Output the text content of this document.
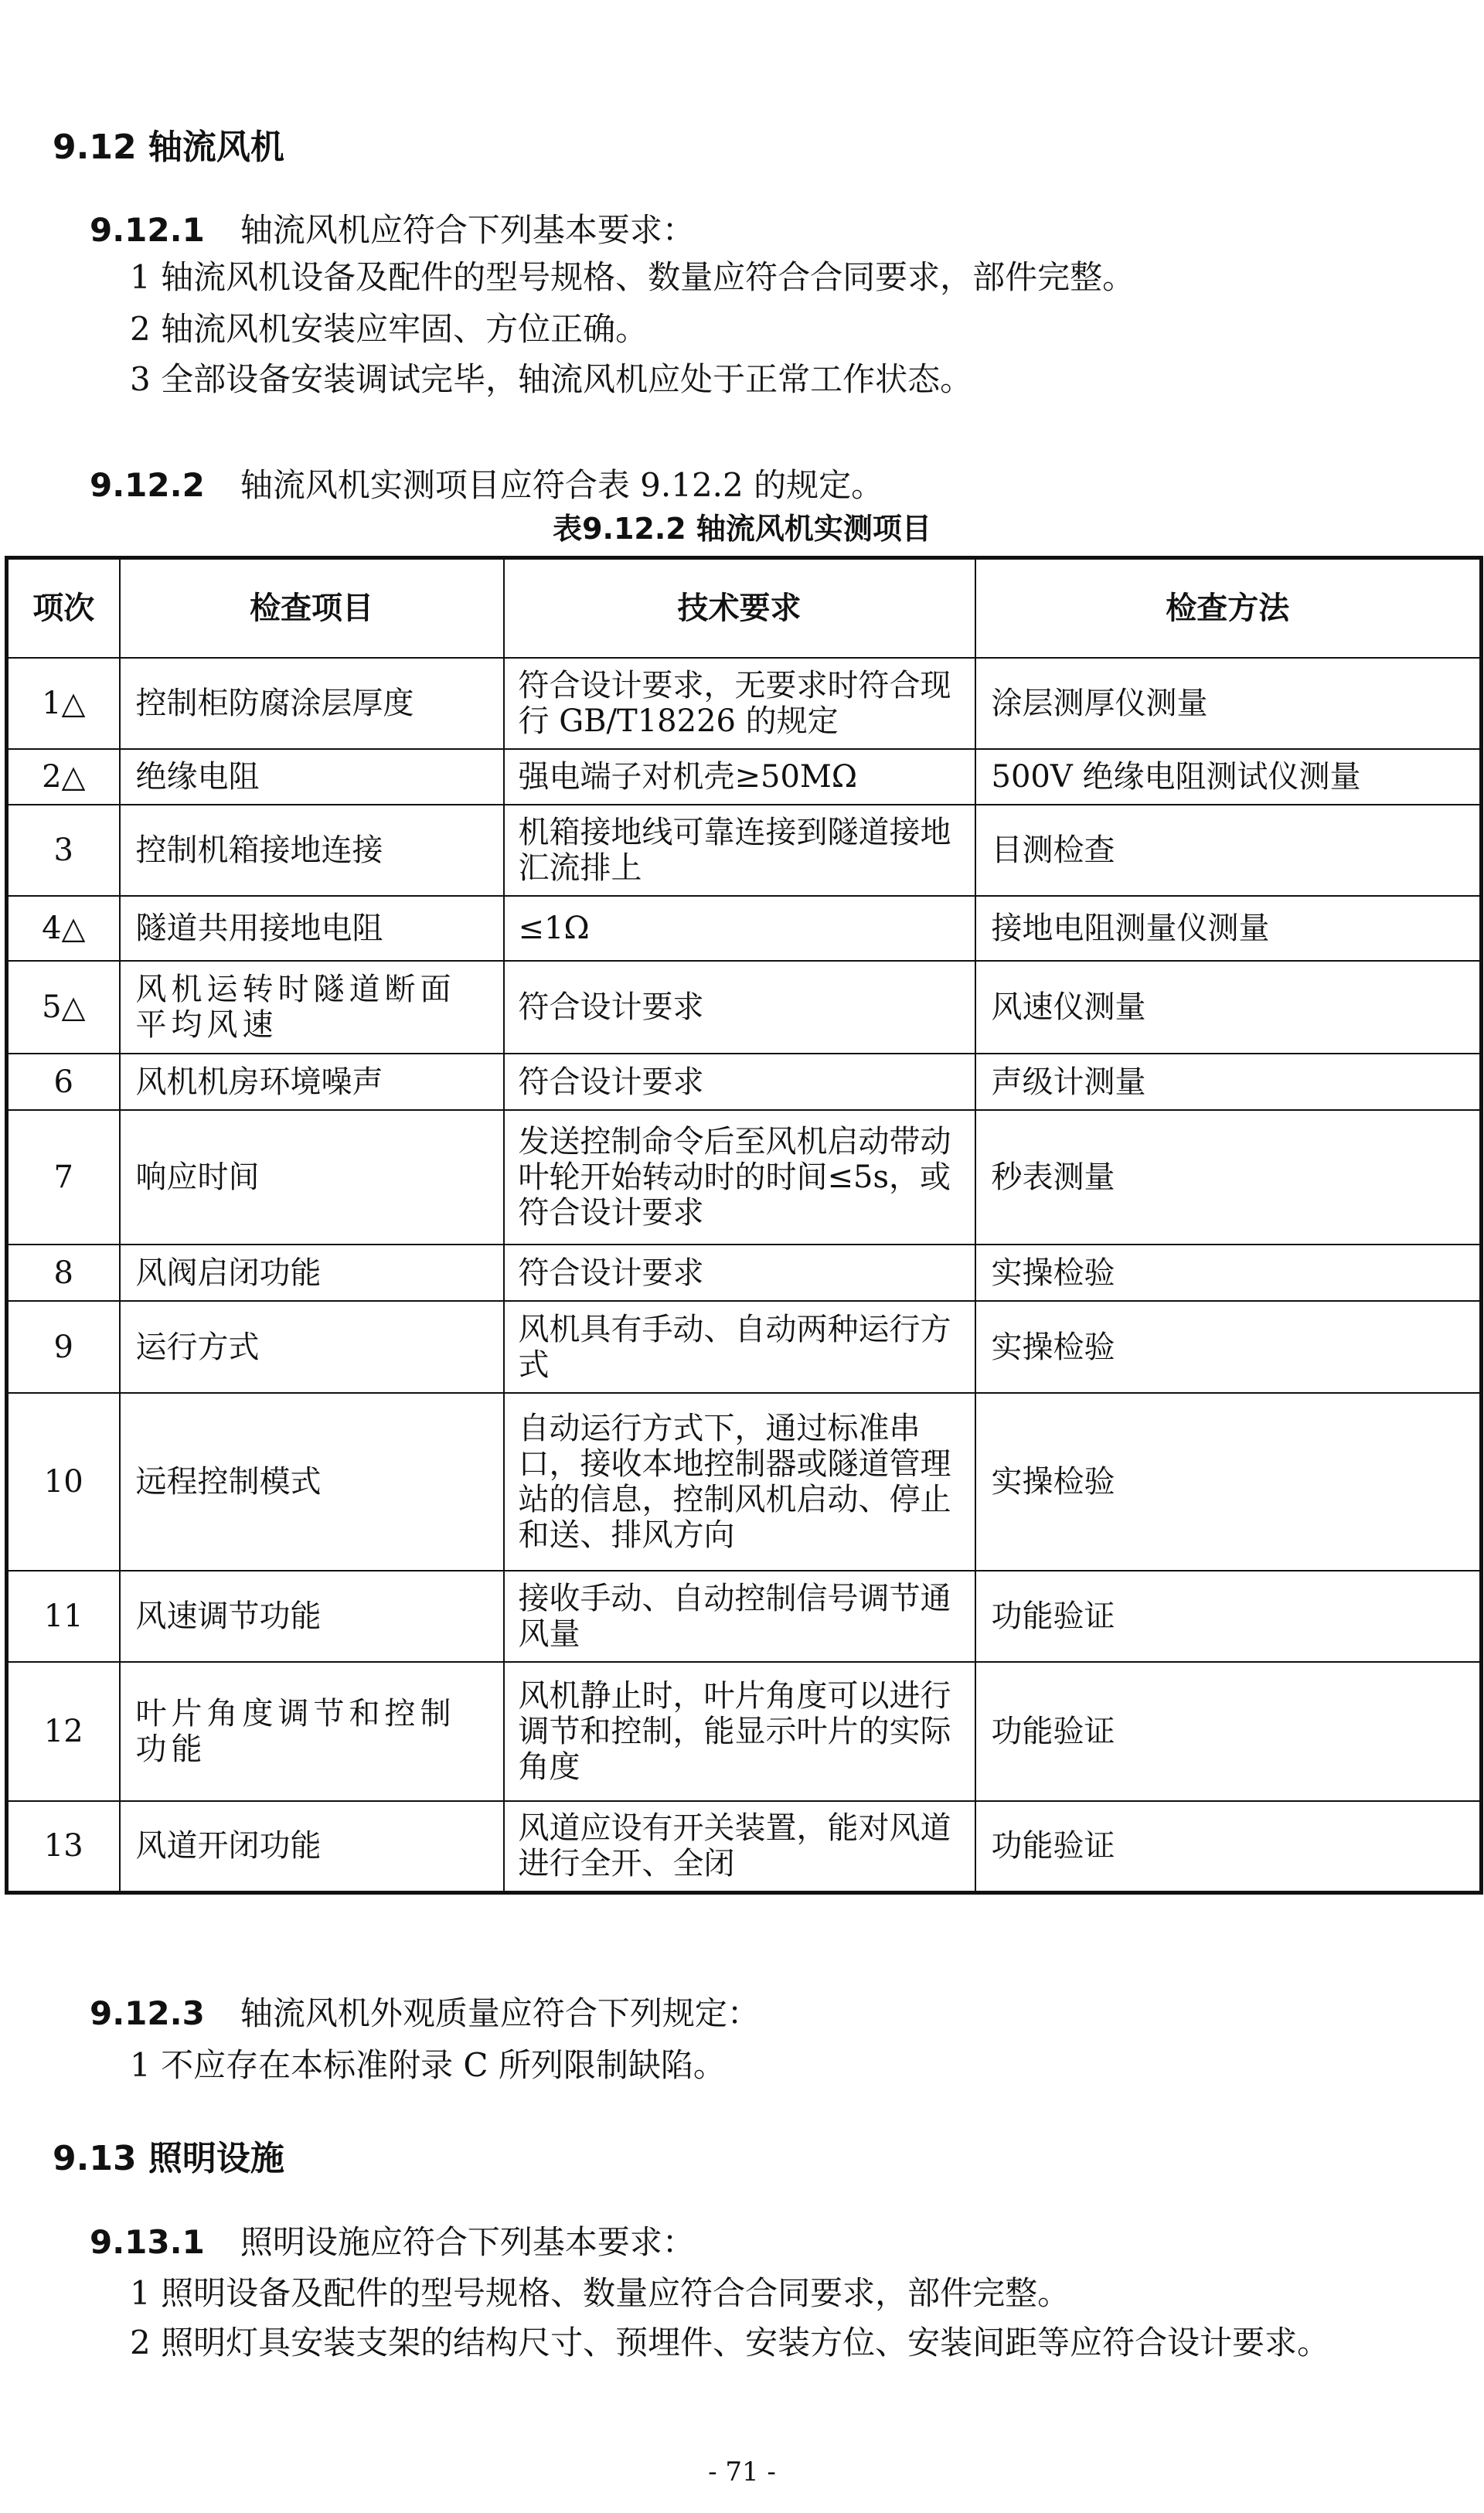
9.12 轴流风机
9.12.1 轴流风机应符合下列基本要求：
1 轴流风机设备及配件的型号规格、数量应符合合同要求，部件完整。
2 轴流风机安装应牢固、方位正确。
3 全部设备安装调试完毕，轴流风机应处于正常工作状态。
9.12.2 轴流风机实测项目应符合表 9.12.2 的规定。
表9.12.2 轴流风机实测项目
项次	检查项目	技术要求	检查方法
1△	控制柜防腐涂层厚度	符合设计要求，无要求时符合现行 GB/T18226 的规定	涂层测厚仪测量
2△	绝缘电阻	强电端子对机壳≥50MΩ	500V 绝缘电阻测试仪测量
3	控制机箱接地连接	机箱接地线可靠连接到隧道接地汇流排上	目测检查
4△	隧道共用接地电阻	≤1Ω	接地电阻测量仪测量
5△	风机运转时隧道断面平均风速	符合设计要求	风速仪测量
6	风机机房环境噪声	符合设计要求	声级计测量
7	响应时间	发送控制命令后至风机启动带动叶轮开始转动时的时间≤5s，或符合设计要求	秒表测量
8	风阀启闭功能	符合设计要求	实操检验
9	运行方式	风机具有手动、自动两种运行方式	实操检验
10	远程控制模式	自动运行方式下，通过标准串口，接收本地控制器或隧道管理站的信息，控制风机启动、停止和送、排风方向	实操检验
11	风速调节功能	接收手动、自动控制信号调节通风量	功能验证
12	叶片角度调节和控制功能	风机静止时，叶片角度可以进行调节和控制，能显示叶片的实际角度	功能验证
13	风道开闭功能	风道应设有开关装置，能对风道进行全开、全闭	功能验证
9.12.3 轴流风机外观质量应符合下列规定：
1 不应存在本标准附录 C 所列限制缺陷。
9.13 照明设施
9.13.1 照明设施应符合下列基本要求：
1 照明设备及配件的型号规格、数量应符合合同要求，部件完整。
2 照明灯具安装支架的结构尺寸、预埋件、安装方位、安装间距等应符合设计要求。
- 71 -
